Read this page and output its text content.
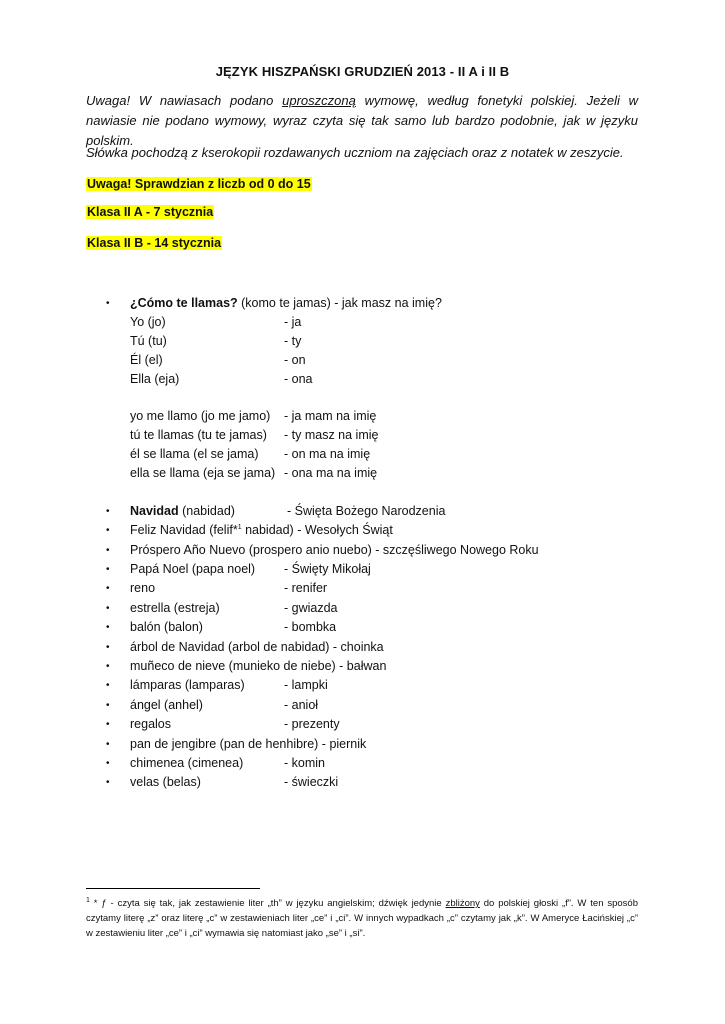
JĘZYK HISZPAŃSKI GRUDZIEŃ 2013 - II A i II B
Uwaga! W nawiasach podano uproszczoną wymowę, według fonetyki polskiej. Jeżeli w nawiasie nie podano wymowy, wyraz czyta się tak samo lub bardzo podobnie, jak w języku polskim.
Słówka pochodzą z kserokopii rozdawanych uczniom na zajęciach oraz z notatek w zeszycie.
Uwaga! Sprawdzian z liczb od 0 do 15
Klasa II A - 7 stycznia
Klasa II B - 14 stycznia
• ¿Cómo te llamas? (komo te jamas) - jak masz na imię?
Yo (jo)	- ja
Tú (tu)	- ty
Él (el)	- on
Ella (eja)	- ona
yo me llamo (jo me jamo) - ja mam na imię
tú te llamas (tu te jamas) - ty masz na imię
él se llama (el se jama) - on ma na imię
ella se llama (eja se jama) - ona ma na imię
• Navidad (nabidad)	- Święta Bożego Narodzenia
• Feliz Navidad (felif*$^1$ nabidad) - Wesołych Świąt
• Próspero Año Nuevo (prospero anio nuebo) - szczęśliwego Nowego Roku
• Papá Noel (papa noel) - Święty Mikołaj
• reno	- renifer
• estrella (estreja)	- gwiazda
• balón (balon)	- bombka
• árbol de Navidad (arbol de nabidad) - choinka
• muñeco de nieve (munieko de niebe) - bałwan
• lámparas (lamparas)	- lampki
• ángel (anhel)	- anioł
• regalos	- prezenty
• pan de jengibre (pan de henhibre) - piernik
• chimenea (cimenea)	- komin
• velas (belas)	- świeczki
$^1$ * ƒ - czyta się tak, jak zestawienie liter „th” w języku angielskim; dźwięk jedynie zbliżony do polskiej głoski „f”. W ten sposób czytamy literę „z” oraz literę „c” w zestawieniach liter „ce” i „ci”. W innych wypadkach „c” czytamy jak „k”. W Ameryce Łacińskiej „c” w zestawieniu liter „ce” i „ci” wymawia się natomiast jako „se” i „si”.
